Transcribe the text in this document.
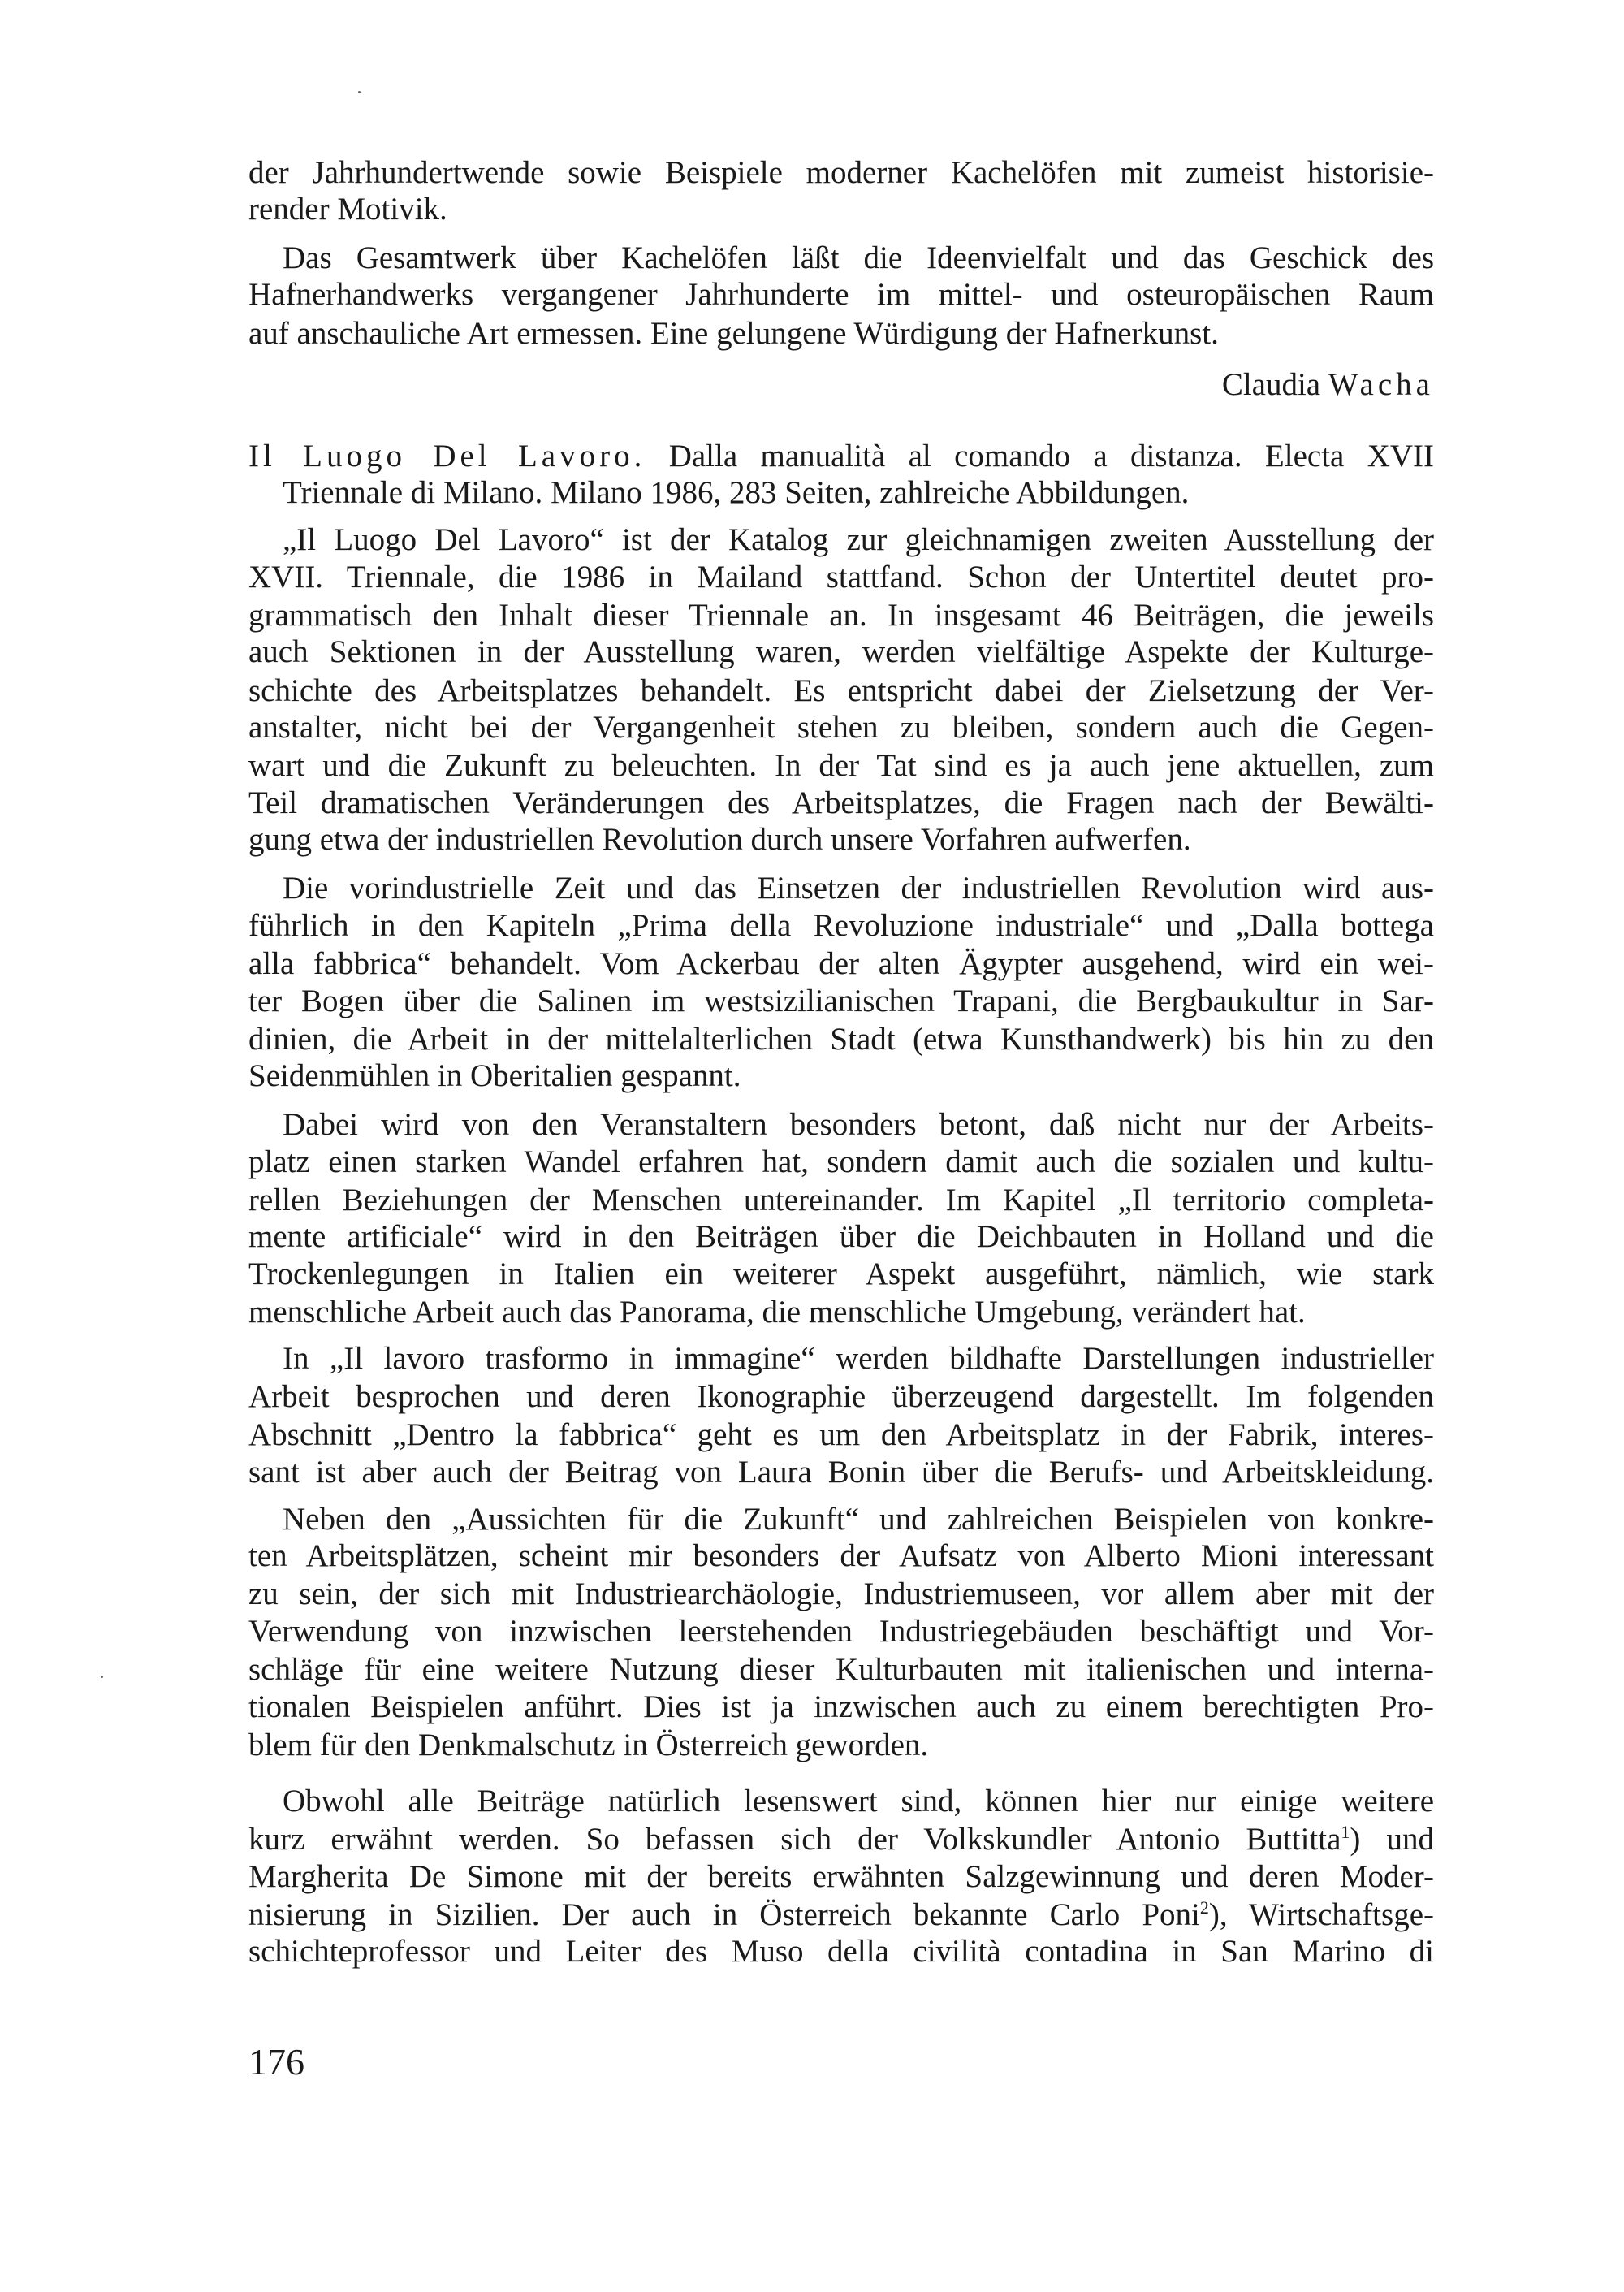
176
der Jahrhundertwende sowie Beispiele moderner Kachelöfen mit zumeist historisie-
render Motivik.
Das Gesamtwerk über Kachelöfen läßt die Ideenvielfalt und das Geschick des
Hafnerhandwerks vergangener Jahrhunderte im mittel- und osteuropäischen Raum
auf anschauliche Art ermessen. Eine gelungene Würdigung der Hafnerkunst.
Claudia Wacha
Il Luogo Del Lavoro. Dalla manualità al comando a distanza. Electa XVII
Triennale di Milano. Milano 1986, 283 Seiten, zahlreiche Abbildungen.
„Il Luogo Del Lavoro“ ist der Katalog zur gleichnamigen zweiten Ausstellung der
XVII. Triennale, die 1986 in Mailand stattfand. Schon der Untertitel deutet pro-
grammatisch den Inhalt dieser Triennale an. In insgesamt 46 Beiträgen, die jeweils
auch Sektionen in der Ausstellung waren, werden vielfältige Aspekte der Kulturge-
schichte des Arbeitsplatzes behandelt. Es entspricht dabei der Zielsetzung der Ver-
anstalter, nicht bei der Vergangenheit stehen zu bleiben, sondern auch die Gegen-
wart und die Zukunft zu beleuchten. In der Tat sind es ja auch jene aktuellen, zum
Teil dramatischen Veränderungen des Arbeitsplatzes, die Fragen nach der Bewälti-
gung etwa der industriellen Revolution durch unsere Vorfahren aufwerfen.
Die vorindustrielle Zeit und das Einsetzen der industriellen Revolution wird aus-
führlich in den Kapiteln „Prima della Revoluzione industriale“ und „Dalla bottega
alla fabbrica“ behandelt. Vom Ackerbau der alten Ägypter ausgehend, wird ein wei-
ter Bogen über die Salinen im westsizilianischen Trapani, die Bergbaukultur in Sar-
dinien, die Arbeit in der mittelalterlichen Stadt (etwa Kunsthandwerk) bis hin zu den
Seidenmühlen in Oberitalien gespannt.
Dabei wird von den Veranstaltern besonders betont, daß nicht nur der Arbeits-
platz einen starken Wandel erfahren hat, sondern damit auch die sozialen und kultu-
rellen Beziehungen der Menschen untereinander. Im Kapitel „Il territorio completa-
mente artificiale“ wird in den Beiträgen über die Deichbauten in Holland und die
Trockenlegungen in Italien ein weiterer Aspekt ausgeführt, nämlich, wie stark
menschliche Arbeit auch das Panorama, die menschliche Umgebung, verändert hat.
In „Il lavoro trasformo in immagine“ werden bildhafte Darstellungen industrieller
Arbeit besprochen und deren Ikonographie überzeugend dargestellt. Im folgenden
Abschnitt „Dentro la fabbrica“ geht es um den Arbeitsplatz in der Fabrik, interes-
sant ist aber auch der Beitrag von Laura Bonin über die Berufs- und Arbeitskleidung.
Neben den „Aussichten für die Zukunft“ und zahlreichen Beispielen von konkre-
ten Arbeitsplätzen, scheint mir besonders der Aufsatz von Alberto Mioni interessant
zu sein, der sich mit Industriearchäologie, Industriemuseen, vor allem aber mit der
Verwendung von inzwischen leerstehenden Industriegebäuden beschäftigt und Vor-
schläge für eine weitere Nutzung dieser Kulturbauten mit italienischen und interna-
tionalen Beispielen anführt. Dies ist ja inzwischen auch zu einem berechtigten Pro-
blem für den Denkmalschutz in Österreich geworden.
Obwohl alle Beiträge natürlich lesenswert sind, können hier nur einige weitere
kurz erwähnt werden. So befassen sich der Volkskundler Antonio Buttitta$^1$) und
Margherita De Simone mit der bereits erwähnten Salzgewinnung und deren Moder-
nisierung in Sizilien. Der auch in Österreich bekannte Carlo Poni$^2$), Wirtschaftsge-
schichteprofessor und Leiter des Muso della civilità contadina in San Marino di
